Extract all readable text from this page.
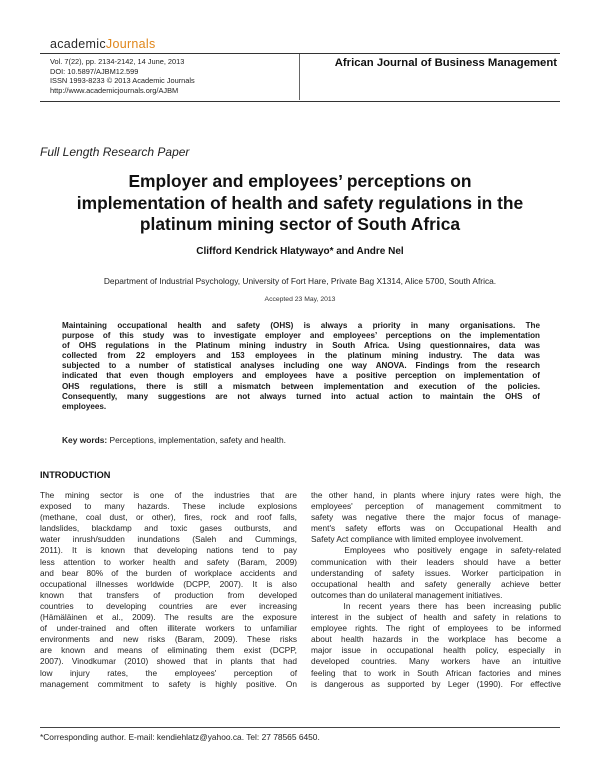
academicJournals
Vol. 7(22), pp. 2134-2142, 14 June, 2013
DOI: 10.5897/AJBM12.599
ISSN 1993-8233 © 2013 Academic Journals
http://www.academicjournals.org/AJBM
African Journal of Business Management
Full Length Research Paper
Employer and employees’ perceptions on
implementation of health and safety regulations in the
platinum mining sector of South Africa
Clifford Kendrick Hlatywayo* and Andre Nel
Department of Industrial Psychology, University of Fort Hare, Private Bag X1314, Alice 5700, South Africa.
Accepted 23 May, 2013
Maintaining occupational health and safety (OHS) is always a priority in many organisations. The
purpose of this study was to investigate employer and employees’ perceptions on the implementation
of OHS regulations in the Platinum mining industry in South Africa. Using questionnaires, data was
collected from 22 employers and 153 employees in the platinum mining industry. The data was
subjected to a number of statistical analyses including one way ANOVA. Findings from the research
indicated that even though employers and employees have a positive perception on implementation of
OHS regulations, there is still a mismatch between implementation and execution of the policies.
Consequently, many suggestions are not always turned into actual action to maintain the OHS of
employees.
Key words: Perceptions, implementation, safety and health.
INTRODUCTION
The mining sector is one of the industries that are
exposed to many hazards. These include explosions
(methane, coal dust, or other), fires, rock and roof falls,
landslides, blackdamp and toxic gases outbursts, and
water inrush/sudden inundations (Saleh and Cummings,
2011). It is known that developing nations tend to pay
less attention to worker health and safety (Baram, 2009)
and bear 80% of the burden of workplace accidents and
occupational illnesses worldwide (DCPP, 2007). It is also
known that transfers of production from developed
countries to developing countries are ever increasing
(Hämäläinen et al., 2009). The results are the exposure
of under-trained and often illiterate workers to unfamiliar
environments and new risks (Baram, 2009). These risks
are known and means of eliminating them exist (DCPP,
2007). Vinodkumar (2010) showed that in plants that had
low injury rates, the employees' perception of
management commitment to safety is highly positive. On
the other hand, in plants where injury rates were high, the
employees' perception of management commitment to
safety was negative there the major focus of manage-
ment's safety efforts was on Occupational Health and
Safety Act compliance with limited employee involvement.
Employees who positively engage in safety-related
communication with their leaders should have a better
understanding of safety issues. Worker participation in
occupational health and safety generally achieve better
outcomes than do unilateral management initiatives.
In recent years there has been increasing public
interest in the subject of health and safety in relations to
employee rights. The right of employees to be informed
about health hazards in the workplace has become a
major issue in occupational health policy, especially in
developed countries. Many workers have an intuitive
feeling that to work in South African factories and mines
is dangerous as supported by Leger (1990). For effective
*Corresponding author. E-mail: kendiehlatz@yahoo.ca. Tel: 27 78565 6450.
